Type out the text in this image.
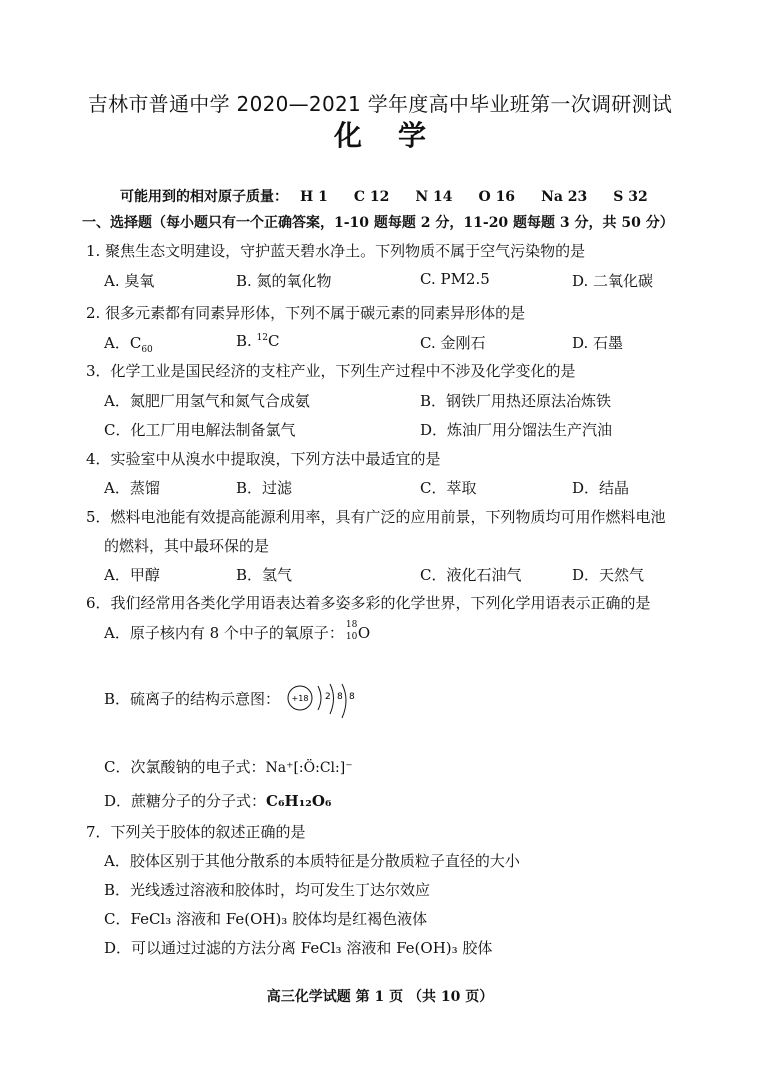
吉林市普通中学 2020—2021 学年度高中毕业班第一次调研测试
化 学
可能用到的相对原子质量： H 1 C 12 N 14 O 16 Na 23 S 32
一、选择题（每小题只有一个正确答案，1-10 题每题 2 分，11-20 题每题 3 分，共 50 分）
1. 聚焦生态文明建设，守护蓝天碧水净土。下列物质不属于空气污染物的是
A. 臭氧	B. 氮的氧化物	C. PM2.5	D. 二氧化碳
2. 很多元素都有同素异形体，下列不属于碳元素的同素异形体的是
A．$C_{60}$	B. $^{12}$C	C. 金刚石	D. 石墨
3．化学工业是国民经济的支柱产业，下列生产过程中不涉及化学变化的是
A．氮肥厂用氢气和氮气合成氨	B．钢铁厂用热还原法冶炼铁
C．化工厂用电解法制备氯气	D．炼油厂用分馏法生产汽油
4．实验室中从溴水中提取溴，下列方法中最适宜的是
A．蒸馏	B．过滤	C．萃取	D．结晶
5．燃料电池能有效提高能源利用率，具有广泛的应用前景，下列物质均可用作燃料电池
的燃料，其中最环保的是
A．甲醇	B．氢气	C．液化石油气	D．天然气
6．我们经常用各类化学用语表达着多姿多彩的化学世界，下列化学用语表示正确的是
A．原子核内有 8 个中子的氧原子： 18
10 O
B．硫离子的结构示意图： +18 2 8 8
C．次氯酸钠的电子式：Na⁺[:Ö:Cl:]⁻
D．蔗糖分子的分子式：C₆H₁₂O₆
7．下列关于胶体的叙述正确的是
A．胶体区别于其他分散系的本质特征是分散质粒子直径的大小
B．光线透过溶液和胶体时，均可发生丁达尔效应
C．FeCl₃ 溶液和 Fe(OH)₃ 胶体均是红褐色液体
D．可以通过过滤的方法分离 FeCl₃ 溶液和 Fe(OH)₃ 胶体
高三化学试题 第 1 页 （共 10 页）
